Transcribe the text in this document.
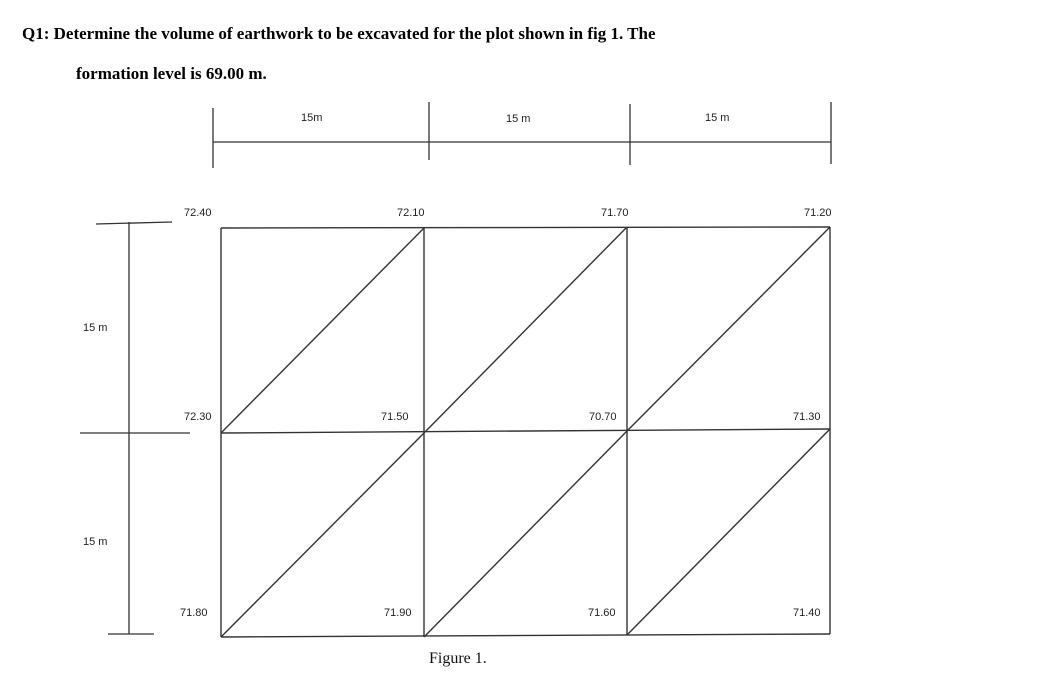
Q1: Determine the volume of earthwork to be excavated for the plot shown in fig 1. The
formation level is 69.00 m.
15m	15 m	15 m
15 m
15 m
72.40	72.10	71.70	71.20
72.30	71.50	70.70	71.30
71.80	71.90	71.60	71.40
Figure 1.
